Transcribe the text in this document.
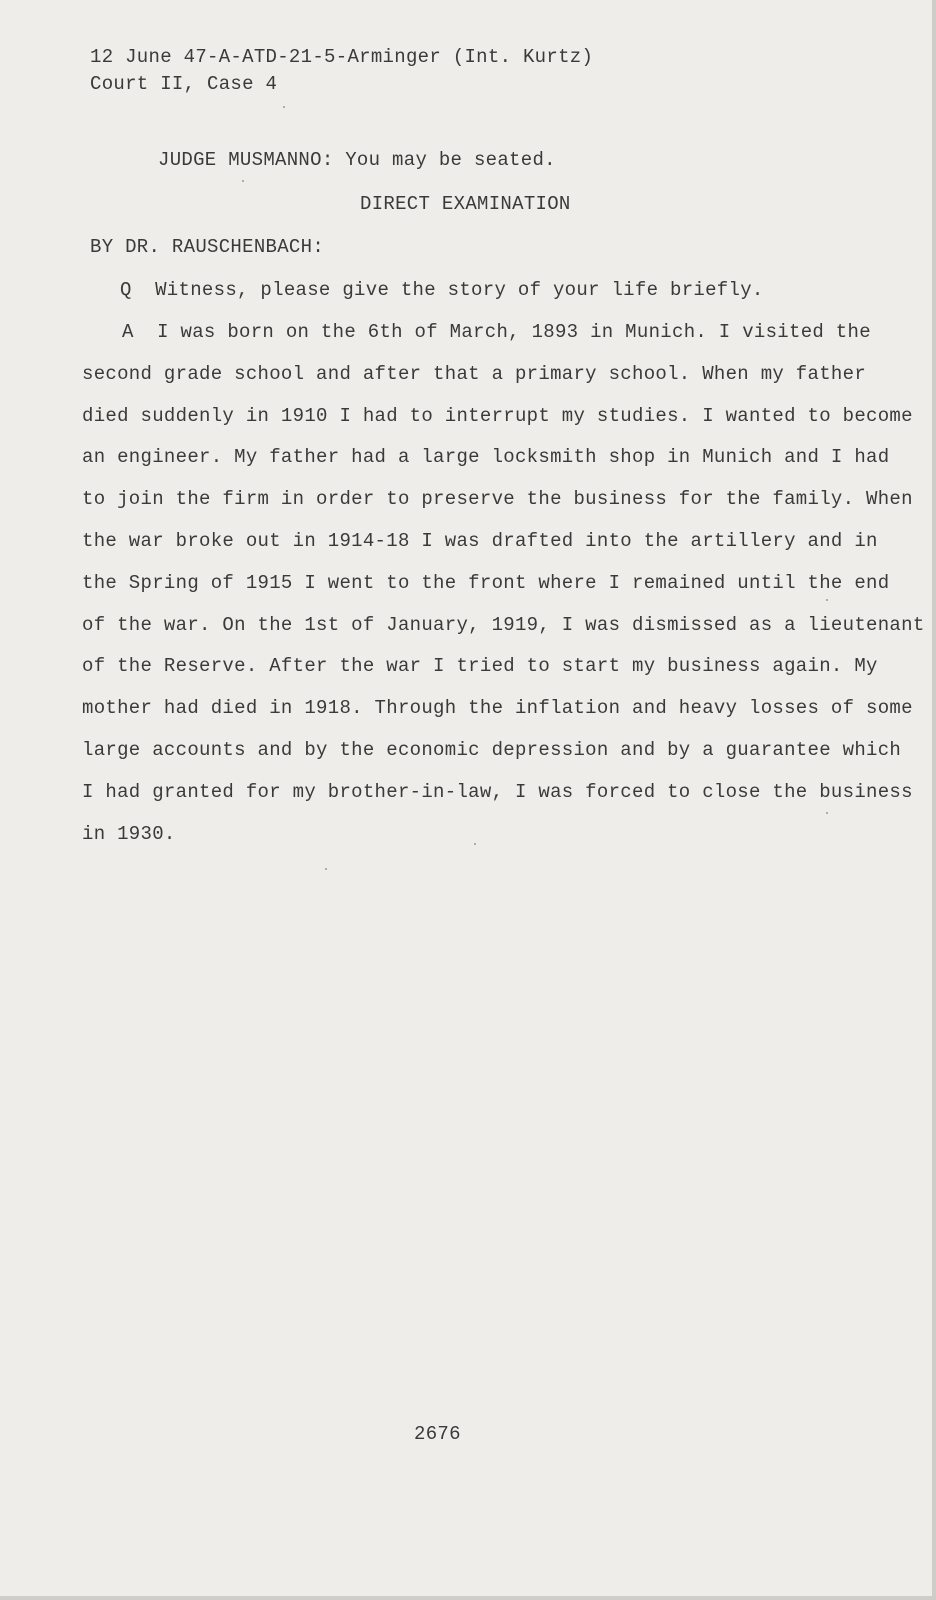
12 June 47-A-ATD-21-5-Arminger (Int. Kurtz)
Court II, Case 4
JUDGE MUSMANNO: You may be seated.
DIRECT EXAMINATION
BY DR. RAUSCHENBACH:
Q  Witness, please give the story of your life briefly.
A  I was born on the 6th of March, 1893 in Munich. I visited the
second grade school and after that a primary school. When my father
died suddenly in 1910 I had to interrupt my studies. I wanted to become
an engineer. My father had a large locksmith shop in Munich and I had
to join the firm in order to preserve the business for the family. When
the war broke out in 1914-18 I was drafted into the artillery and in
the Spring of 1915 I went to the front where I remained until the end
of the war. On the 1st of January, 1919, I was dismissed as a lieutenant
of the Reserve. After the war I tried to start my business again. My
mother had died in 1918. Through the inflation and heavy losses of some
large accounts and by the economic depression and by a guarantee which
I had granted for my brother-in-law, I was forced to close the business
in 1930.
2676
